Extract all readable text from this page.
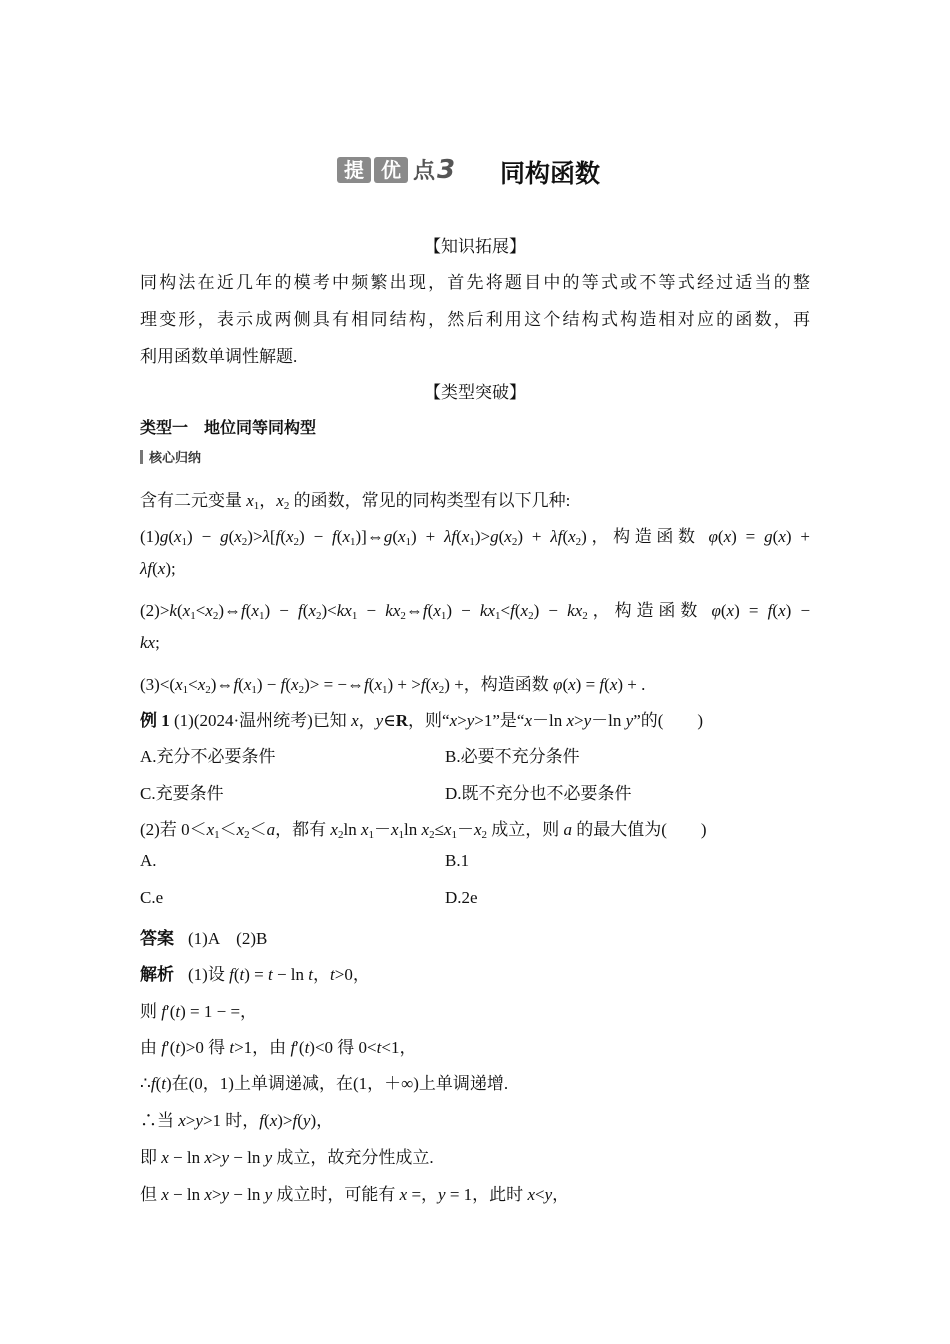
提 优 点 3 同构函数
【知识拓展】
同构法在近几年的模考中频繁出现，首先将题目中的等式或不等式经过适当的整
理变形，表示成两侧具有相同结构，然后利用这个结构式构造相对应的函数，再
利用函数单调性解题.
【类型突破】
类型一　地位同等同构型
核心归纳
含有二元变量 $x_1$，$x_2$ 的函数，常见的同构类型有以下几种:
$(1)g(x_1) - g(x_2)>\lambda[f(x_2)$ − $f(x_1)]\Leftrightarrow g(x_1) + \lambda f(x_1)>g(x_2) + \lambda f(x_2)$，构造函数 φ(x) = g(x) +
λf(x);
$(2)>k(x_1<x_2)\Leftrightarrow f(x_1) - f(x_2)<kx_1$ − $kx_2\Leftrightarrow f(x_1) - kx_1<f(x_2) - kx_2$，构造函数 φ(x) = f(x) −
kx;
$(3)<(x_1<x_2)\Leftrightarrow f(x_1) - f(x_2)>$ = $-\Leftrightarrow f(x_1) + >f(x_2)$ +，构造函数 φ(x) = f(x) + .
例 1 (1)(2024·温州统考)已知 x，y∈R，则“x>y>1”是“x－ln x>y－ln y”的(　　)
A.充分不必要条件	B.必要不充分条件
C.充要条件	D.既不充分也不必要条件
(2)若 $0<x_1<x_2<a$，都有 $x_2\ln$ $x_1-x_1\ln$ $x_2\le x_1-x_2$ 成立，则 a 的最大值为(　　)
A.	B.1
C.e	D.2e
答案 (1)A　(2)B
解析 (1)设 f(t) = t − ln t，t>0，
则 f′(t) = 1 − =，
由 f′(t)>0 得 t>1，由 f′(t)<0 得 0<t<1，
∴f(t)在(0，1)上单调递减，在(1，＋∞)上单调递增.
∴当 x>y>1 时，f(x)>f(y)，
即 x − ln x>y − ln y 成立，故充分性成立.
但 x − ln x>y − ln y 成立时，可能有 x =，y = 1，此时 x<y，
